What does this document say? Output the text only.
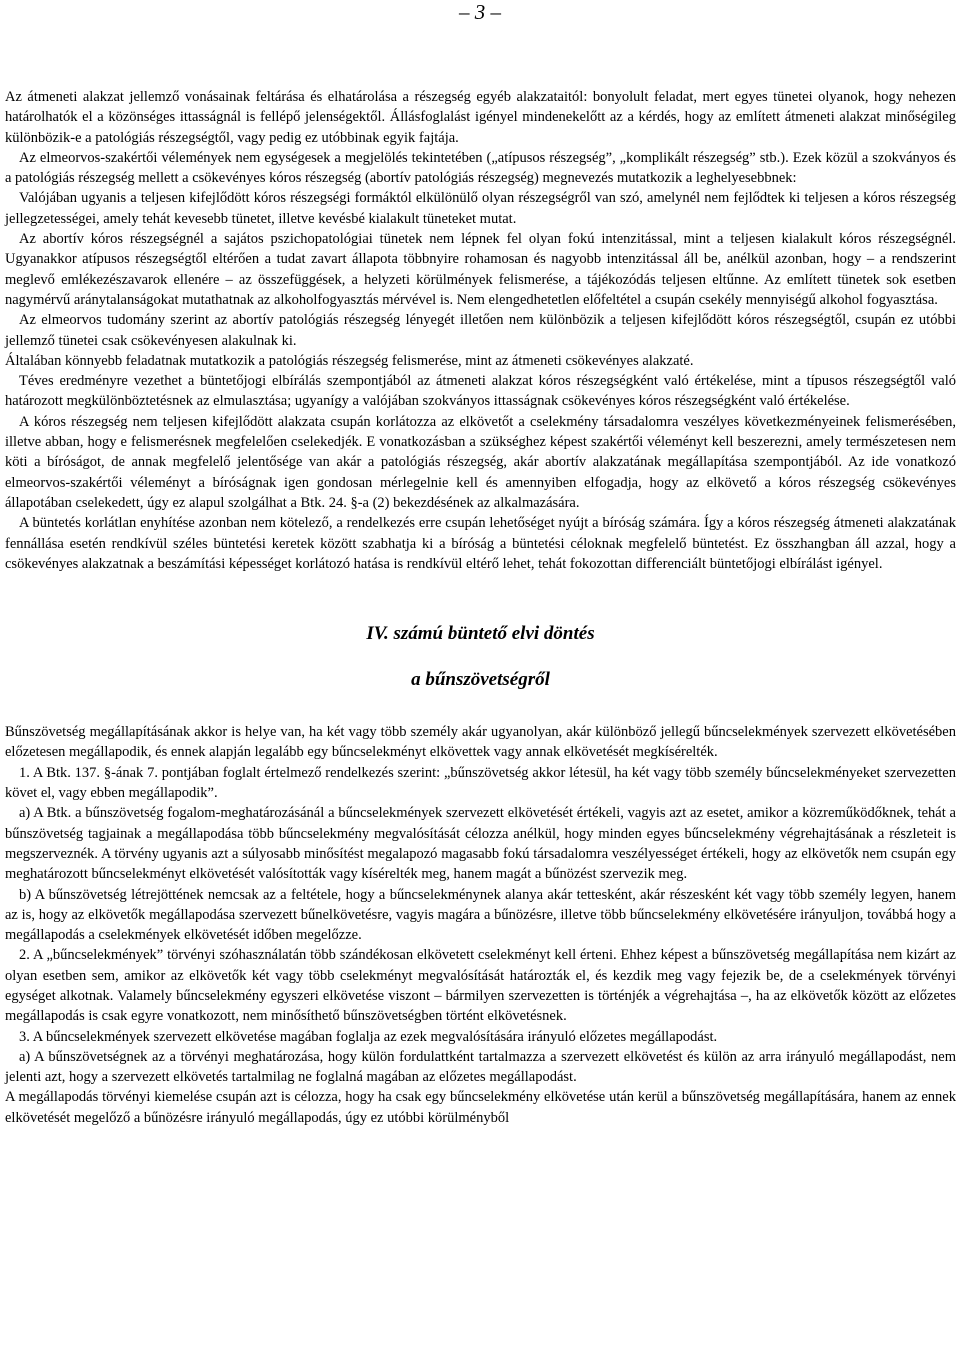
– 3 –

Az átmeneti alakzat jellemző vonásainak feltárása és elhatárolása a részegség egyéb alakzataitól: bonyolult feladat, mert egyes tünetei olyanok, hogy nehezen határolhatók el a közönséges ittasságnál is fellépő jelenségektől. Állásfoglalást igényel mindenekelőtt az a kérdés, hogy az említett átmeneti alakzat minőségileg különbözik-e a patológiás részegségtől, vagy pedig ez utóbbinak egyik fajtája.

Az elmeorvos-szakértői vélemények nem egységesek a megjelölés tekintetében („atípusos részegség”, „komplikált részegség” stb.). Ezek közül a szokványos és a patológiás részegség mellett a csökevényes kóros részegség (abortív patológiás részegség) megnevezés mutatkozik a leghelyesebbnek:

Valójában ugyanis a teljesen kifejlődött kóros részegségi formáktól elkülönülő olyan részegségről van szó, amelynél nem fejlődtek ki teljesen a kóros részegség jellegzetességei, amely tehát kevesebb tünetet, illetve kevésbé kialakult tüneteket mutat.

Az abortív kóros részegségnél a sajátos pszichopatológiai tünetek nem lépnek fel olyan fokú intenzitással, mint a teljesen kialakult kóros részegségnél. Ugyanakkor atípusos részegségtől eltérően a tudat zavart állapota többnyire rohamosan és nagyobb intenzitással áll be, anélkül azonban, hogy – a rendszerint meglevő emlékezészavarok ellenére – az összefüggések, a helyzeti körülmények felismerése, a tájékozódás teljesen eltűnne. Az említett tünetek sok esetben nagymérvű aránytalanságokat mutathatnak az alkoholfogyasztás mérvével is. Nem elengedhetetlen előfeltétel a csupán csekély mennyiségű alkohol fogyasztása.

Az elmeorvos tudomány szerint az abortív patológiás részegség lényegét illetően nem különbözik a teljesen kifejlődött kóros részegségtől, csupán ez utóbbi jellemző tünetei csak csökevényesen alakulnak ki.

Általában könnyebb feladatnak mutatkozik a patológiás részegség felismerése, mint az átmeneti csökevényes alakzaté.

Téves eredményre vezethet a büntetőjogi elbírálás szempontjából az átmeneti alakzat kóros részegségként való értékelése, mint a típusos részegségtől való határozott megkülönböztetésnek az elmulasztása; ugyanígy a valójában szokványos ittasságnak csökevényes kóros részegségként való értékelése.

A kóros részegség nem teljesen kifejlődött alakzata csupán korlátozza az elkövetőt a cselekmény társadalomra veszélyes következményeinek felismerésében, illetve abban, hogy e felismerésnek megfelelően cselekedjék. E vonatkozásban a szükséghez képest szakértői véleményt kell beszerezni, amely természetesen nem köti a bíróságot, de annak megfelelő jelentősége van akár a patológiás részegség, akár abortív alakzatának megállapítása szempontjából. Az ide vonatkozó elmeorvos-szakértői véleményt a bíróságnak igen gondosan mérlegelnie kell és amennyiben elfogadja, hogy az elkövető a kóros részegség csökevényes állapotában cselekedett, úgy ez alapul szolgálhat a Btk. 24. §-a (2) bekezdésének az alkalmazására.

A büntetés korlátlan enyhítése azonban nem kötelező, a rendelkezés erre csupán lehetőséget nyújt a bíróság számára. Így a kóros részegség átmeneti alakzatának fennállása esetén rendkívül széles büntetési keretek között szabhatja ki a bíróság a büntetési céloknak megfelelő büntetést. Ez összhangban áll azzal, hogy a csökevényes alakzatnak a beszámítási képességet korlátozó hatása is rendkívül eltérő lehet, tehát fokozottan differenciált büntetőjogi elbírálást igényel.

IV. számú büntető elvi döntés
a bűnszövetségről

Bűnszövetség megállapításának akkor is helye van, ha két vagy több személy akár ugyanolyan, akár különböző jellegű bűncselekmények szervezett elkövetésében előzetesen megállapodik, és ennek alapján legalább egy bűncselekményt elkövettek vagy annak elkövetését megkísérelték.

1. A Btk. 137. §-ának 7. pontjában foglalt értelmező rendelkezés szerint: „bűnszövetség akkor létesül, ha két vagy több személy bűncselekményeket szervezetten követ el, vagy ebben megállapodik”.

a) A Btk. a bűnszövetség fogalom-meghatározásánál a bűncselekmények szervezett elkövetését értékeli, vagyis azt az esetet, amikor a közreműködőknek, tehát a bűnszövetség tagjainak a megállapodása több bűncselekmény megvalósítását célozza anélkül, hogy minden egyes bűncselekmény végrehajtásának a részleteit is megszerveznék. A törvény ugyanis azt a súlyosabb minősítést megalapozó magasabb fokú társadalomra veszélyességet értékeli, hogy az elkövetők nem csupán egy meghatározott bűncselekményt elkövetését valósították vagy kísérelték meg, hanem magát a bűnözést szervezik meg.

b) A bűnszövetség létrejöttének nemcsak az a feltétele, hogy a bűncselekménynek alanya akár tettesként, akár részesként két vagy több személy legyen, hanem az is, hogy az elkövetők megállapodása szervezett bűnelkövetésre, vagyis magára a bűnözésre, illetve több bűncselekmény elkövetésére irányuljon, továbbá hogy a megállapodás a cselekmények elkövetését időben megelőzze.

2. A „bűncselekmények” törvényi szóhasználatán több szándékosan elkövetett cselekményt kell érteni. Ehhez képest a bűnszövetség megállapítása nem kizárt az olyan esetben sem, amikor az elkövetők két vagy több cselekményt megvalósítását határozták el, és kezdik meg vagy fejezik be, de a cselekmények törvényi egységet alkotnak. Valamely bűncselekmény egyszeri elkövetése viszont – bármilyen szervezetten is történjék a végrehajtása –, ha az elkövetők között az előzetes megállapodás is csak egyre vonatkozott, nem minősíthető bűnszövetségben történt elkövetésnek.

3. A bűncselekmények szervezett elkövetése magában foglalja az ezek megvalósítására irányuló előzetes megállapodást.

a) A bűnszövetségnek az a törvényi meghatározása, hogy külön fordulattként tartalmazza a szervezett elkövetést és külön az arra irányuló megállapodást, nem jelenti azt, hogy a szervezett elkövetés tartalmilag ne foglalná magában az előzetes megállapodást.

A megállapodás törvényi kiemelése csupán azt is célozza, hogy ha csak egy bűncselekmény elkövetése után kerül a bűnszövetség megállapítására, hanem az ennek elkövetését megelőző a bűnözésre irányuló megállapodás, úgy ez utóbbi körülményből
